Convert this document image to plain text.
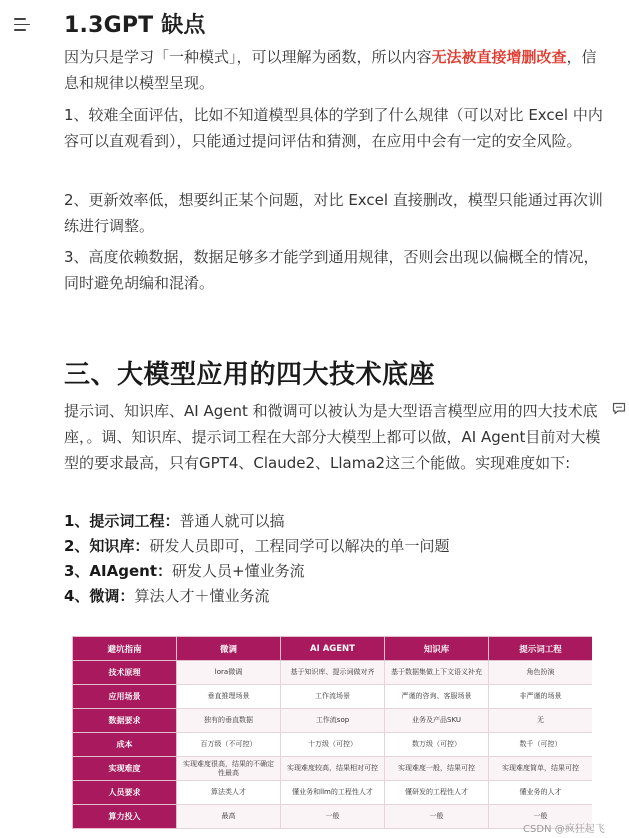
1.3GPT 缺点
因为只是学习「一种模式」，可以理解为函数，所以内容无法被直接增删改查，信息和规律以模型呈现。
1、较难全面评估，比如不知道模型具体的学到了什么规律（可以对比 Excel 中内容可以直观看到），只能通过提问评估和猜测，在应用中会有一定的安全风险。
2、更新效率低，想要纠正某个问题，对比 Excel 直接删改，模型只能通过再次训练进行调整。
3、高度依赖数据，数据足够多才能学到通用规律，否则会出现以偏概全的情况，同时避免胡编和混淆。
三、大模型应用的四大技术底座
提示词、知识库、AI Agent 和微调可以被认为是大型语言模型应用的四大技术底座，。调、知识库、提示词工程在大部分大模型上都可以做，AI Agent目前对大模型的要求最高，只有GPT4、Claude2、Llama2这三个能做。实现难度如下:
1、提示词工程：普通人就可以搞
2、知识库：研发人员即可，工程同学可以解决的单一问题
3、AIAgent：研发人员+懂业务流
4、微调：算法人才＋懂业务流
避坑指南	微调	AI AGENT	知识库	提示词工程
技术原理	lora微调	基于知识库、提示词做对齐	基于数据集做上下文语义补充	角色扮演
应用场景	垂直推理场景	工作流场景	严谨的咨询、客服场景	非严谨的场景
数据要求	独有的垂直数据	工作流sop	业务及产品SKU	无
成本	百万级（不可控）	十万级（可控）	数万级（可控）	数千（可控）
实现难度	实现难度很高，结果的不确定性最高	实现难度较高，结果相对可控	实现难度一般，结果可控	实现难度简单，结果可控
人员要求	算法类人才	懂业务和llm的工程性人才	懂研发的工程性人才	懂业务的人才
算力投入	最高	一般	一般	一般
CSDN @疯狂起飞
